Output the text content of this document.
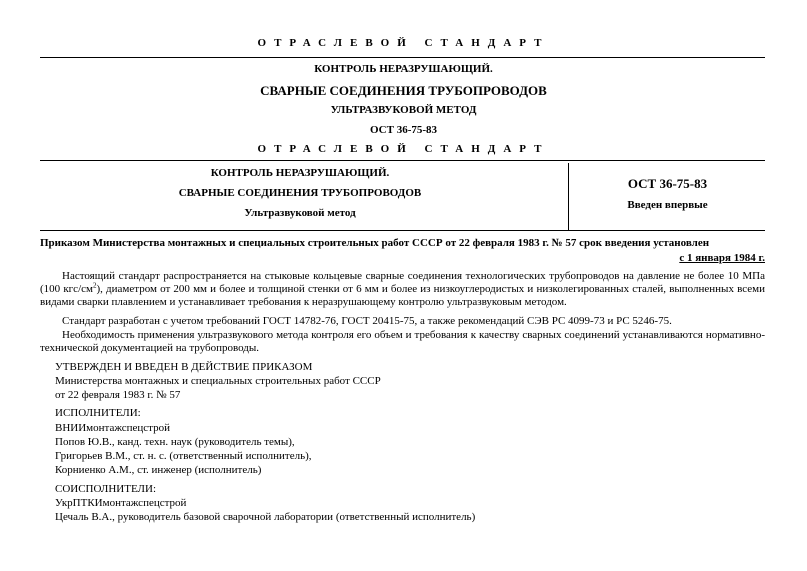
ОТРАСЛЕВОЙ СТАНДАРТ
КОНТРОЛЬ НЕРАЗРУШАЮЩИЙ.
СВАРНЫЕ СОЕДИНЕНИЯ ТРУБОПРОВОДОВ
УЛЬТРАЗВУКОВОЙ МЕТОД
ОСТ 36-75-83
ОТРАСЛЕВОЙ СТАНДАРТ
КОНТРОЛЬ НЕРАЗРУШАЮЩИЙ.
СВАРНЫЕ СОЕДИНЕНИЯ ТРУБОПРОВОДОВ
Ультразвуковой метод
ОСТ 36-75-83
Введен впервые
Приказом Министерства монтажных и специальных строительных работ СССР от 22 февраля 1983 г. № 57 срок введения установлен
с 1 января 1984 г.
Настоящий стандарт распространяется на стыковые кольцевые сварные соединения технологических трубопроводов на давление не более 10 МПа (100 кгс/$см^2$), диаметром от 200 мм и более и толщиной стенки от 6 мм и более из низкоуглеродистых и низколегированных сталей, выполненных всеми видами сварки плавлением и устанавливает требования к неразрушающему контролю ультразвуковым методом.
Стандарт разработан с учетом требований ГОСТ 14782-76, ГОСТ 20415-75, а также рекомендаций СЭВ РС 4099-73 и РС 5246-75.
Необходимость применения ультразвукового метода контроля его объем и требования к качеству сварных соединений устанавливаются нормативно-технической документацией на трубопроводы.
УТВЕРЖДЕН И ВВЕДЕН В ДЕЙСТВИЕ ПРИКАЗОМ
Министерства монтажных и специальных строительных работ СССР
от 22 февраля 1983 г. № 57
ИСПОЛНИТЕЛИ:
ВНИИмонтажспецстрой
Попов Ю.В., канд. техн. наук (руководитель темы),
Григорьев В.М., ст. н. с. (ответственный исполнитель),
Корниенко А.М., ст. инженер (исполнитель)
СОИСПОЛНИТЕЛИ:
УкрПТКИмонтажспецстрой
Цечаль В.А., руководитель базовой сварочной лаборатории (ответственный исполнитель)
